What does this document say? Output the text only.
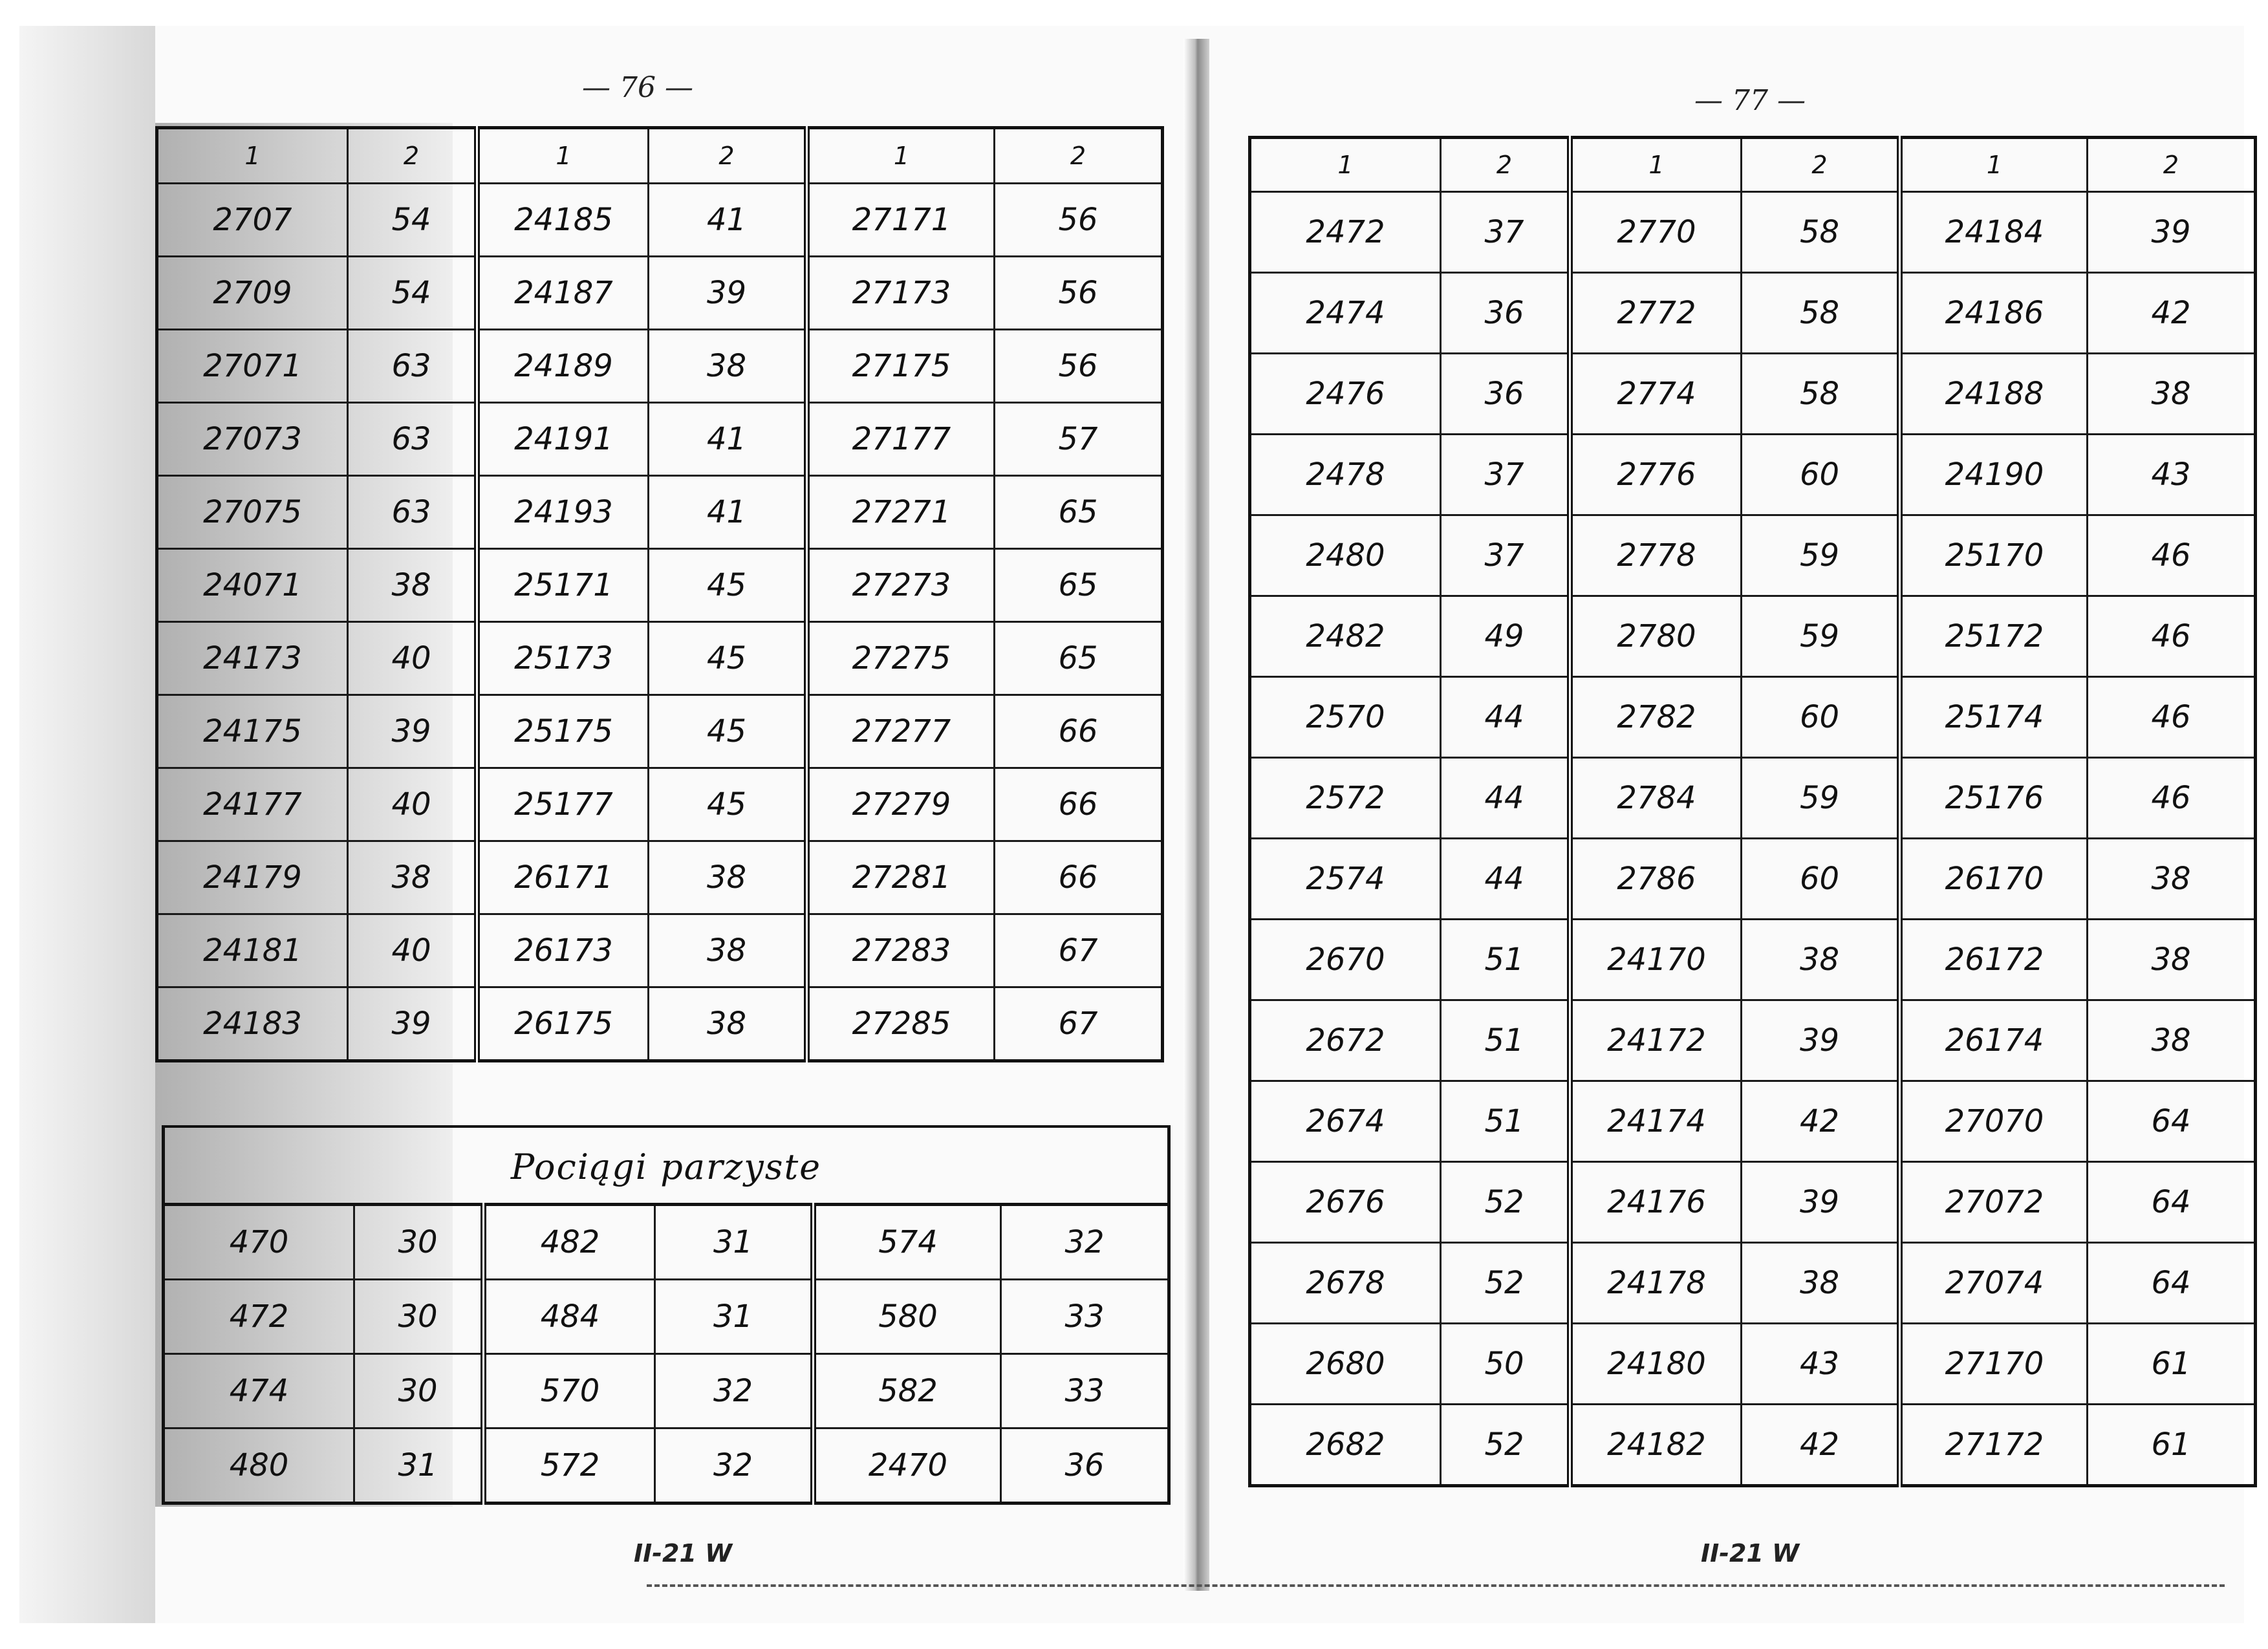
— 76 —
1	2	1	2	1	2
2707	54	24185	41	27171	56
2709	54	24187	39	27173	56
27071	63	24189	38	27175	56
27073	63	24191	41	27177	57
27075	63	24193	41	27271	65
24071	38	25171	45	27273	65
24173	40	25173	45	27275	65
24175	39	25175	45	27277	66
24177	40	25177	45	27279	66
24179	38	26171	38	27281	66
24181	40	26173	38	27283	67
24183	39	26175	38	27285	67
Pociągi parzyste
470	30	482	31	574	32
472	30	484	31	580	33
474	30	570	32	582	33
480	31	572	32	2470	36
II-21 W
— 77 —
1	2	1	2	1	2
2472	37	2770	58	24184	39
2474	36	2772	58	24186	42
2476	36	2774	58	24188	38
2478	37	2776	60	24190	43
2480	37	2778	59	25170	46
2482	49	2780	59	25172	46
2570	44	2782	60	25174	46
2572	44	2784	59	25176	46
2574	44	2786	60	26170	38
2670	51	24170	38	26172	38
2672	51	24172	39	26174	38
2674	51	24174	42	27070	64
2676	52	24176	39	27072	64
2678	52	24178	38	27074	64
2680	50	24180	43	27170	61
2682	52	24182	42	27172	61
II-21 W
